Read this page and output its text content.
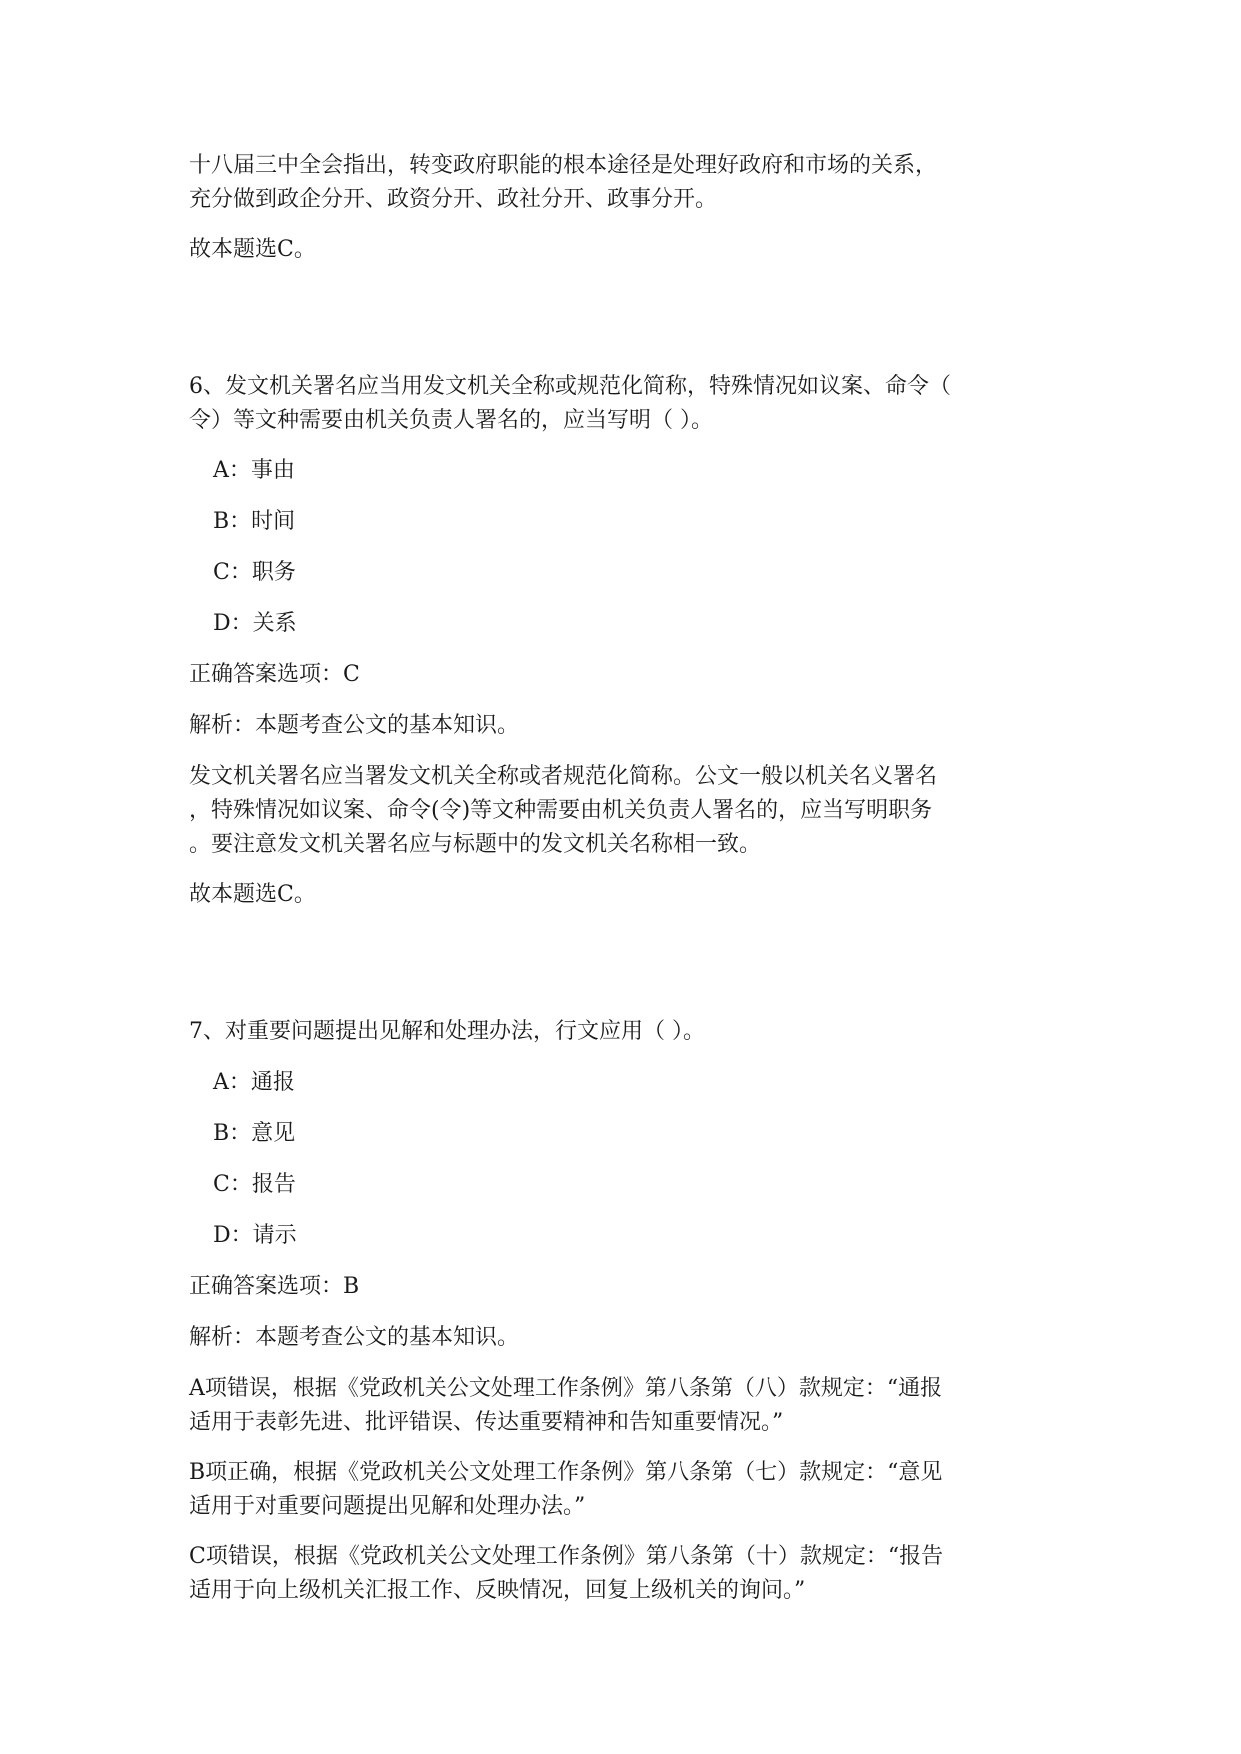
十八届三中全会指出，转变政府职能的根本途径是处理好政府和市场的关系，
充分做到政企分开、政资分开、政社分开、政事分开。
故本题选C。
6、发文机关署名应当用发文机关全称或规范化简称，特殊情况如议案、命令（
令）等文种需要由机关负责人署名的，应当写明（ ）。
A：事由
B：时间
C：职务
D：关系
正确答案选项：C
解析：本题考查公文的基本知识。
发文机关署名应当署发文机关全称或者规范化简称。公文一般以机关名义署名
，特殊情况如议案、命令(令)等文种需要由机关负责人署名的，应当写明职务
。要注意发文机关署名应与标题中的发文机关名称相一致。
故本题选C。
7、对重要问题提出见解和处理办法，行文应用（ ）。
A：通报
B：意见
C：报告
D：请示
正确答案选项：B
解析：本题考查公文的基本知识。
A项错误，根据《党政机关公文处理工作条例》第八条第（八）款规定：“通报
适用于表彰先进、批评错误、传达重要精神和告知重要情况。”
B项正确，根据《党政机关公文处理工作条例》第八条第（七）款规定：“意见
适用于对重要问题提出见解和处理办法。”
C项错误，根据《党政机关公文处理工作条例》第八条第（十）款规定：“报告
适用于向上级机关汇报工作、反映情况，回复上级机关的询问。”
